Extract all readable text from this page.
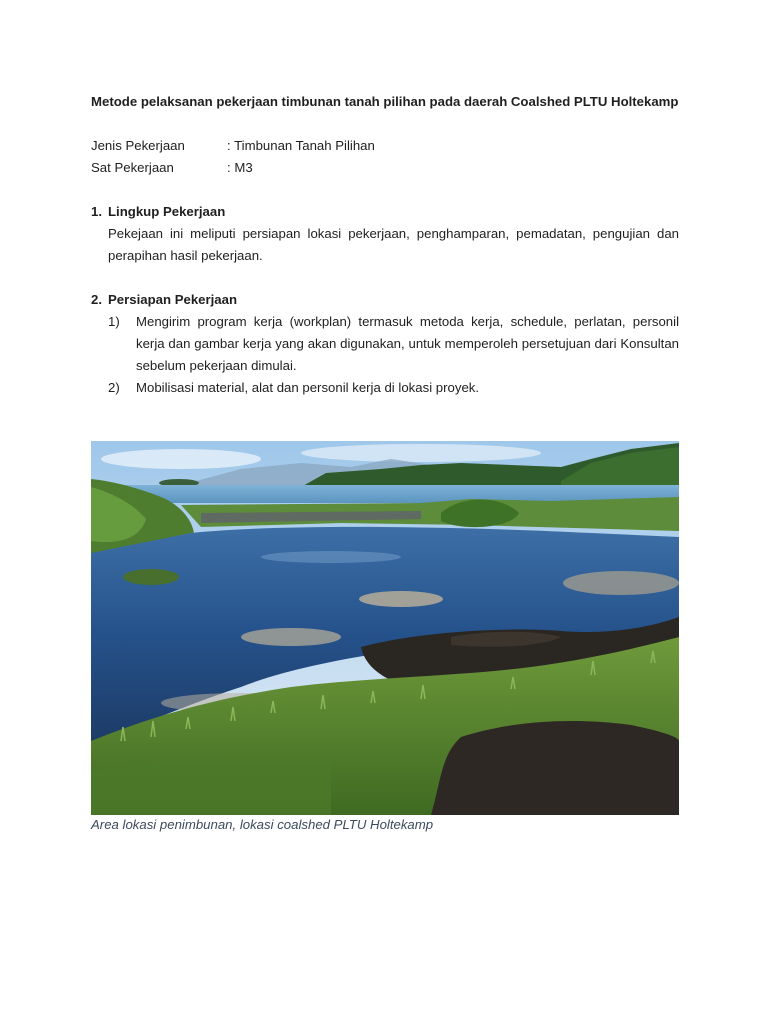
Metode pelaksanan pekerjaan timbunan tanah pilihan pada daerah Coalshed PLTU Holtekamp

Jenis Pekerjaan	: Timbunan Tanah Pilihan
Sat Pekerjaan	: M3
1. Lingkup Pekerjaan
Pekejaan ini meliputi persiapan lokasi pekerjaan, penghamparan, pemadatan, pengujian dan perapihan hasil pekerjaan.
2. Persiapan Pekerjaan
1)	Mengirim program kerja (workplan) termasuk metoda kerja, schedule, perlatan, personil kerja dan gambar kerja yang akan digunakan, untuk memperoleh persetujuan dari Konsultan sebelum pekerjaan dimulai.
2)	Mobilisasi material, alat dan personil kerja di lokasi proyek.
Area lokasi penimbunan, lokasi coalshed PLTU Holtekamp
